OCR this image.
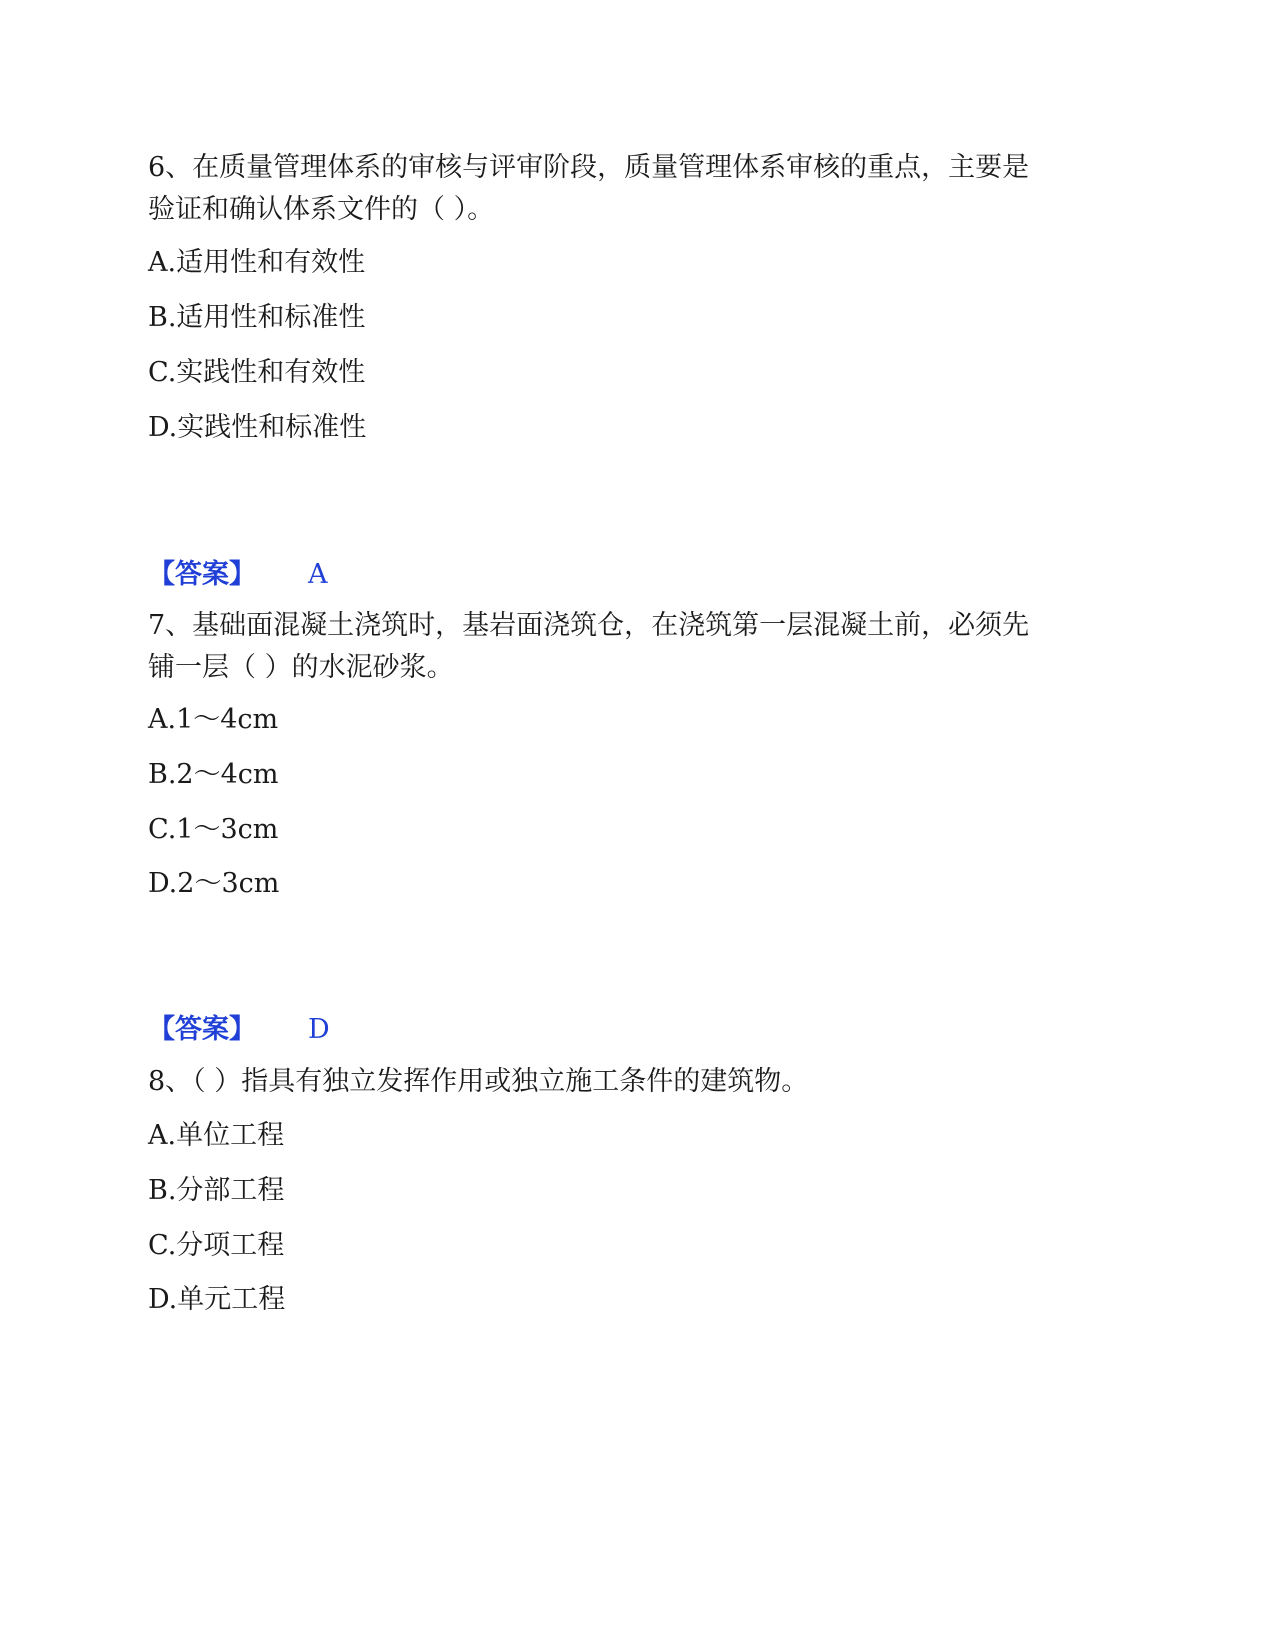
6、在质量管理体系的审核与评审阶段，质量管理体系审核的重点，主要是
验证和确认体系文件的（ ）。
A.适用性和有效性
B.适用性和标准性
C.实践性和有效性
D.实践性和标准性
【答案】 A
7、基础面混凝土浇筑时，基岩面浇筑仓，在浇筑第一层混凝土前，必须先
铺一层（ ）的水泥砂浆。
A.1～4cm
B.2～4cm
C.1～3cm
D.2～3cm
【答案】 D
8、（ ）指具有独立发挥作用或独立施工条件的建筑物。
A.单位工程
B.分部工程
C.分项工程
D.单元工程
